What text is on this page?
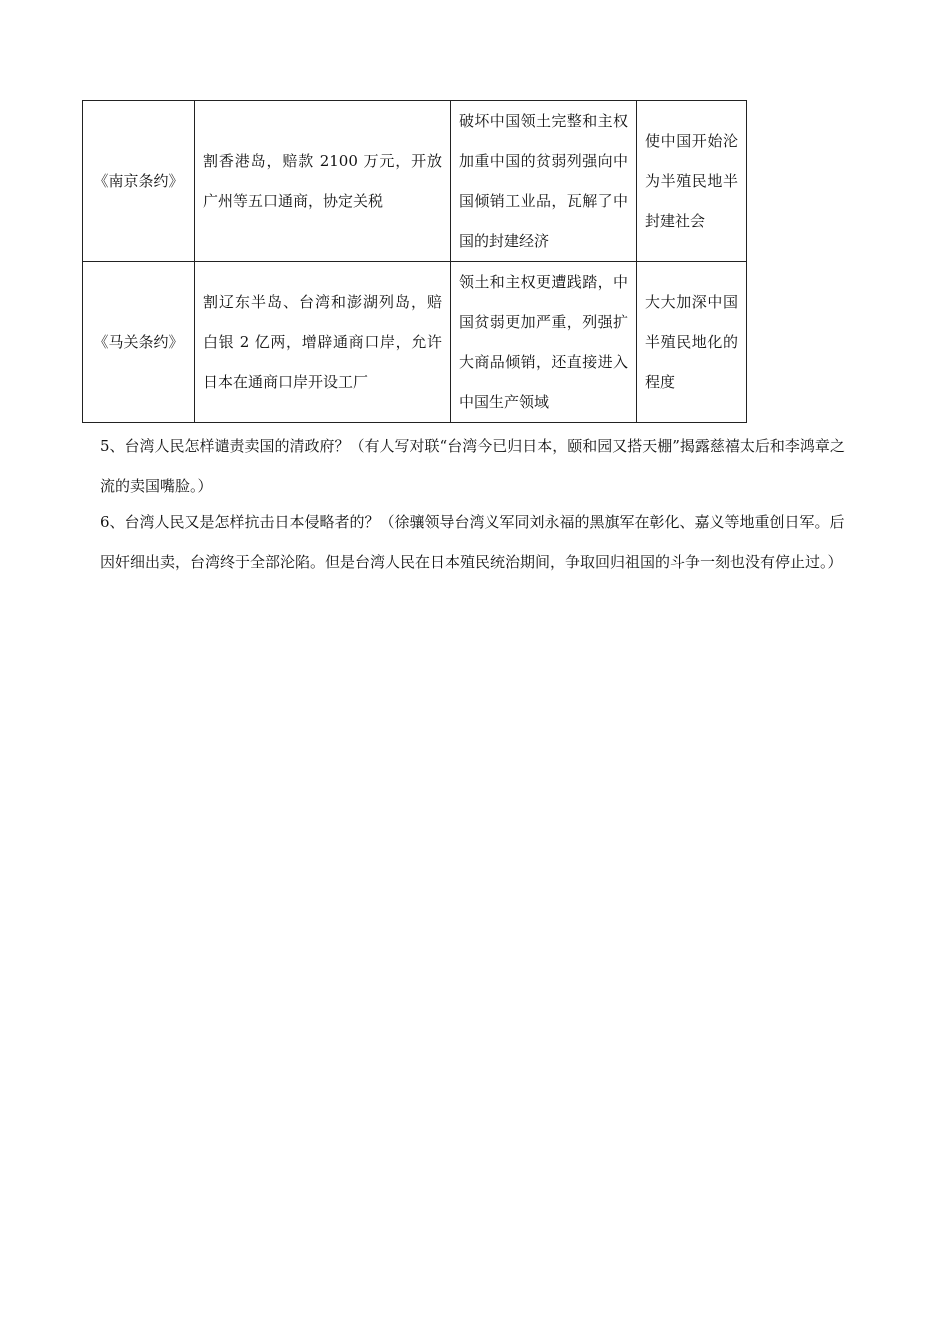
《南京条约》	割香港岛，赔款 2100 万元，开放广州等五口通商，协定关税	破坏中国领土完整和主权加重中国的贫弱列强向中国倾销工业品，瓦解了中国的封建经济	使中国开始沦为半殖民地半封建社会
《马关条约》	割辽东半岛、台湾和澎湖列岛，赔白银 2 亿两，增辟通商口岸，允许日本在通商口岸开设工厂	领土和主权更遭践踏，中国贫弱更加严重，列强扩大商品倾销，还直接进入中国生产领域	大大加深中国半殖民地化的程度

5、台湾人民怎样谴责卖国的清政府？（有人写对联“台湾今已归日本，颐和园又搭天棚”揭露慈禧太后和李鸿章之流的卖国嘴脸。）

6、台湾人民又是怎样抗击日本侵略者的？（徐骧领导台湾义军同刘永福的黑旗军在彰化、嘉义等地重创日军。后因奸细出卖，台湾终于全部沦陷。但是台湾人民在日本殖民统治期间，争取回归祖国的斗争一刻也没有停止过。）
